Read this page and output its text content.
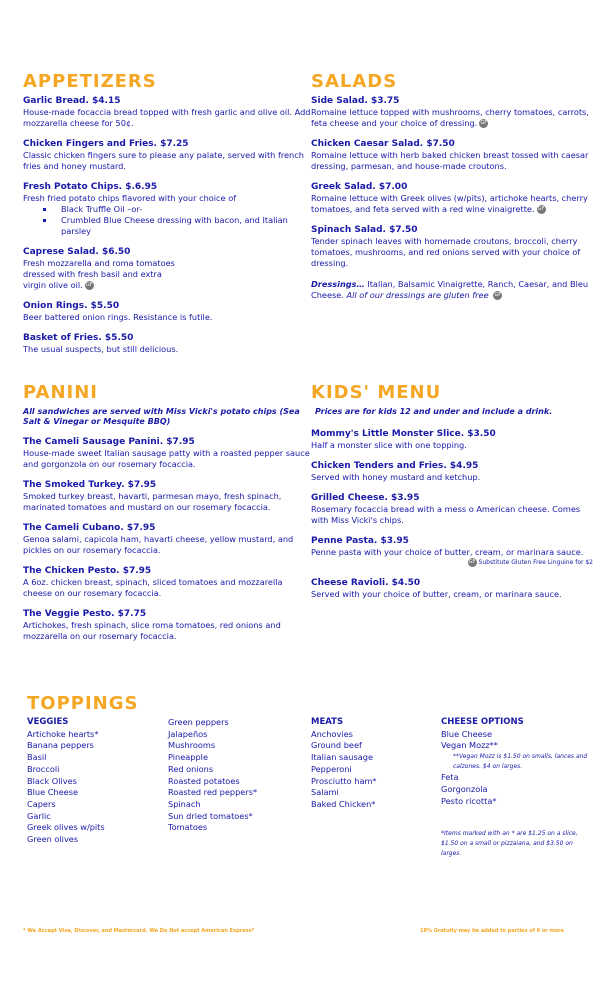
APPETIZERS
Garlic Bread. $4.15
House-made focaccia bread topped with fresh garlic and olive oil. Add mozzarella cheese for 50¢.
Chicken Fingers and Fries. $7.25
Classic chicken fingers sure to please any palate, served with french fries and honey mustard.
Fresh Potato Chips. $.6.95
Fresh fried potato chips flavored with your choice of
▪ Black Truffle Oil –or-
▪ Crumbled Blue Cheese dressing with bacon, and Italian parsley
Caprese Salad. $6.50
Fresh mozzarella and roma tomatoes dressed with fresh basil and extra virgin olive oil. GF
Onion Rings. $5.50
Beer battered onion rings. Resistance is futile.
Basket of Fries. $5.50
The usual suspects, but still delicious.
SALADS
Side Salad. $3.75
Romaine lettuce topped with mushrooms, cherry tomatoes, carrots, feta cheese and your choice of dressing. GF
Chicken Caesar Salad. $7.50
Romaine lettuce with herb baked chicken breast tossed with caesar dressing, parmesan, and house-made croutons.
Greek Salad. $7.00
Romaine lettuce with Greek olives (w/pits), artichoke hearts, cherry tomatoes, and feta served with a red wine vinaigrette. GF
Spinach Salad. $7.50
Tender spinach leaves with homemade croutons, broccoli, cherry tomatoes, mushrooms, and red onions served with your choice of dressing.
Dressings… Italian, Balsamic Vinaigrette, Ranch, Caesar, and Bleu Cheese. All of our dressings are gluten free GF
PANINI
All sandwiches are served with Miss Vicki's potato chips (Sea Salt & Vinegar or Mesquite BBQ)
The Cameli Sausage Panini. $7.95
House-made sweet Italian sausage patty with a roasted pepper sauce and gorgonzola on our rosemary focaccia.
The Smoked Turkey. $7.95
Smoked turkey breast, havarti, parmesan mayo, fresh spinach, marinated tomatoes and mustard on our rosemary focaccia.
The Cameli Cubano. $7.95
Genoa salami, capicola ham, havarti cheese, yellow mustard, and pickles on our rosemary focaccia.
The Chicken Pesto. $7.95
A 6oz. chicken breast, spinach, sliced tomatoes and mozzarella cheese on our rosemary focaccia.
The Veggie Pesto. $7.75
Artichokes, fresh spinach, slice roma tomatoes, red onions and mozzarella on our rosemary focaccia.
KIDS' MENU
Prices are for kids 12 and under and include a drink.
Mommy's Little Monster Slice. $3.50
Half a monster slice with one topping.
Chicken Tenders and Fries. $4.95
Served with honey mustard and ketchup.
Grilled Cheese. $3.95
Rosemary focaccia bread with a mess o American cheese. Comes with Miss Vicki's chips.
Penne Pasta. $3.95
Penne pasta with your choice of butter, cream, or marinara sauce.
GF Substitute Gluten Free Linguine for $2
Cheese Ravioli. $4.50
Served with your choice of butter, cream, or marinara sauce.
TOPPINGS
VEGGIES
Artichoke hearts*
Banana peppers
Basil
Broccoli
Black Olives
Blue Cheese
Capers
Garlic
Greek olives w/pits
Green olives
Green peppers
Jalapeños
Mushrooms
Pineapple
Red onions
Roasted potatoes
Roasted red peppers*
Spinach
Sun dried tomatoes*
Tomatoes
MEATS
Anchovies
Ground beef
Italian sausage
Pepperoni
Prosciutto ham*
Salami
Baked Chicken*
CHEESE OPTIONS
Blue Cheese
Vegan Mozz**
**Vegan Mozz is $1.50 on smalls, lances and calzones. $4 on larges.
Feta
Gorgonzola
Pesto ricotta*
*Items marked with an * are $1.25 on a slice, $1.50 on a small or pizzaiana, and $3.50 on larges.
* We Accept Visa, Discover, and Mastercard. We Do Not accept American Express*	18% Gratuity may be added to parties of 6 or more
